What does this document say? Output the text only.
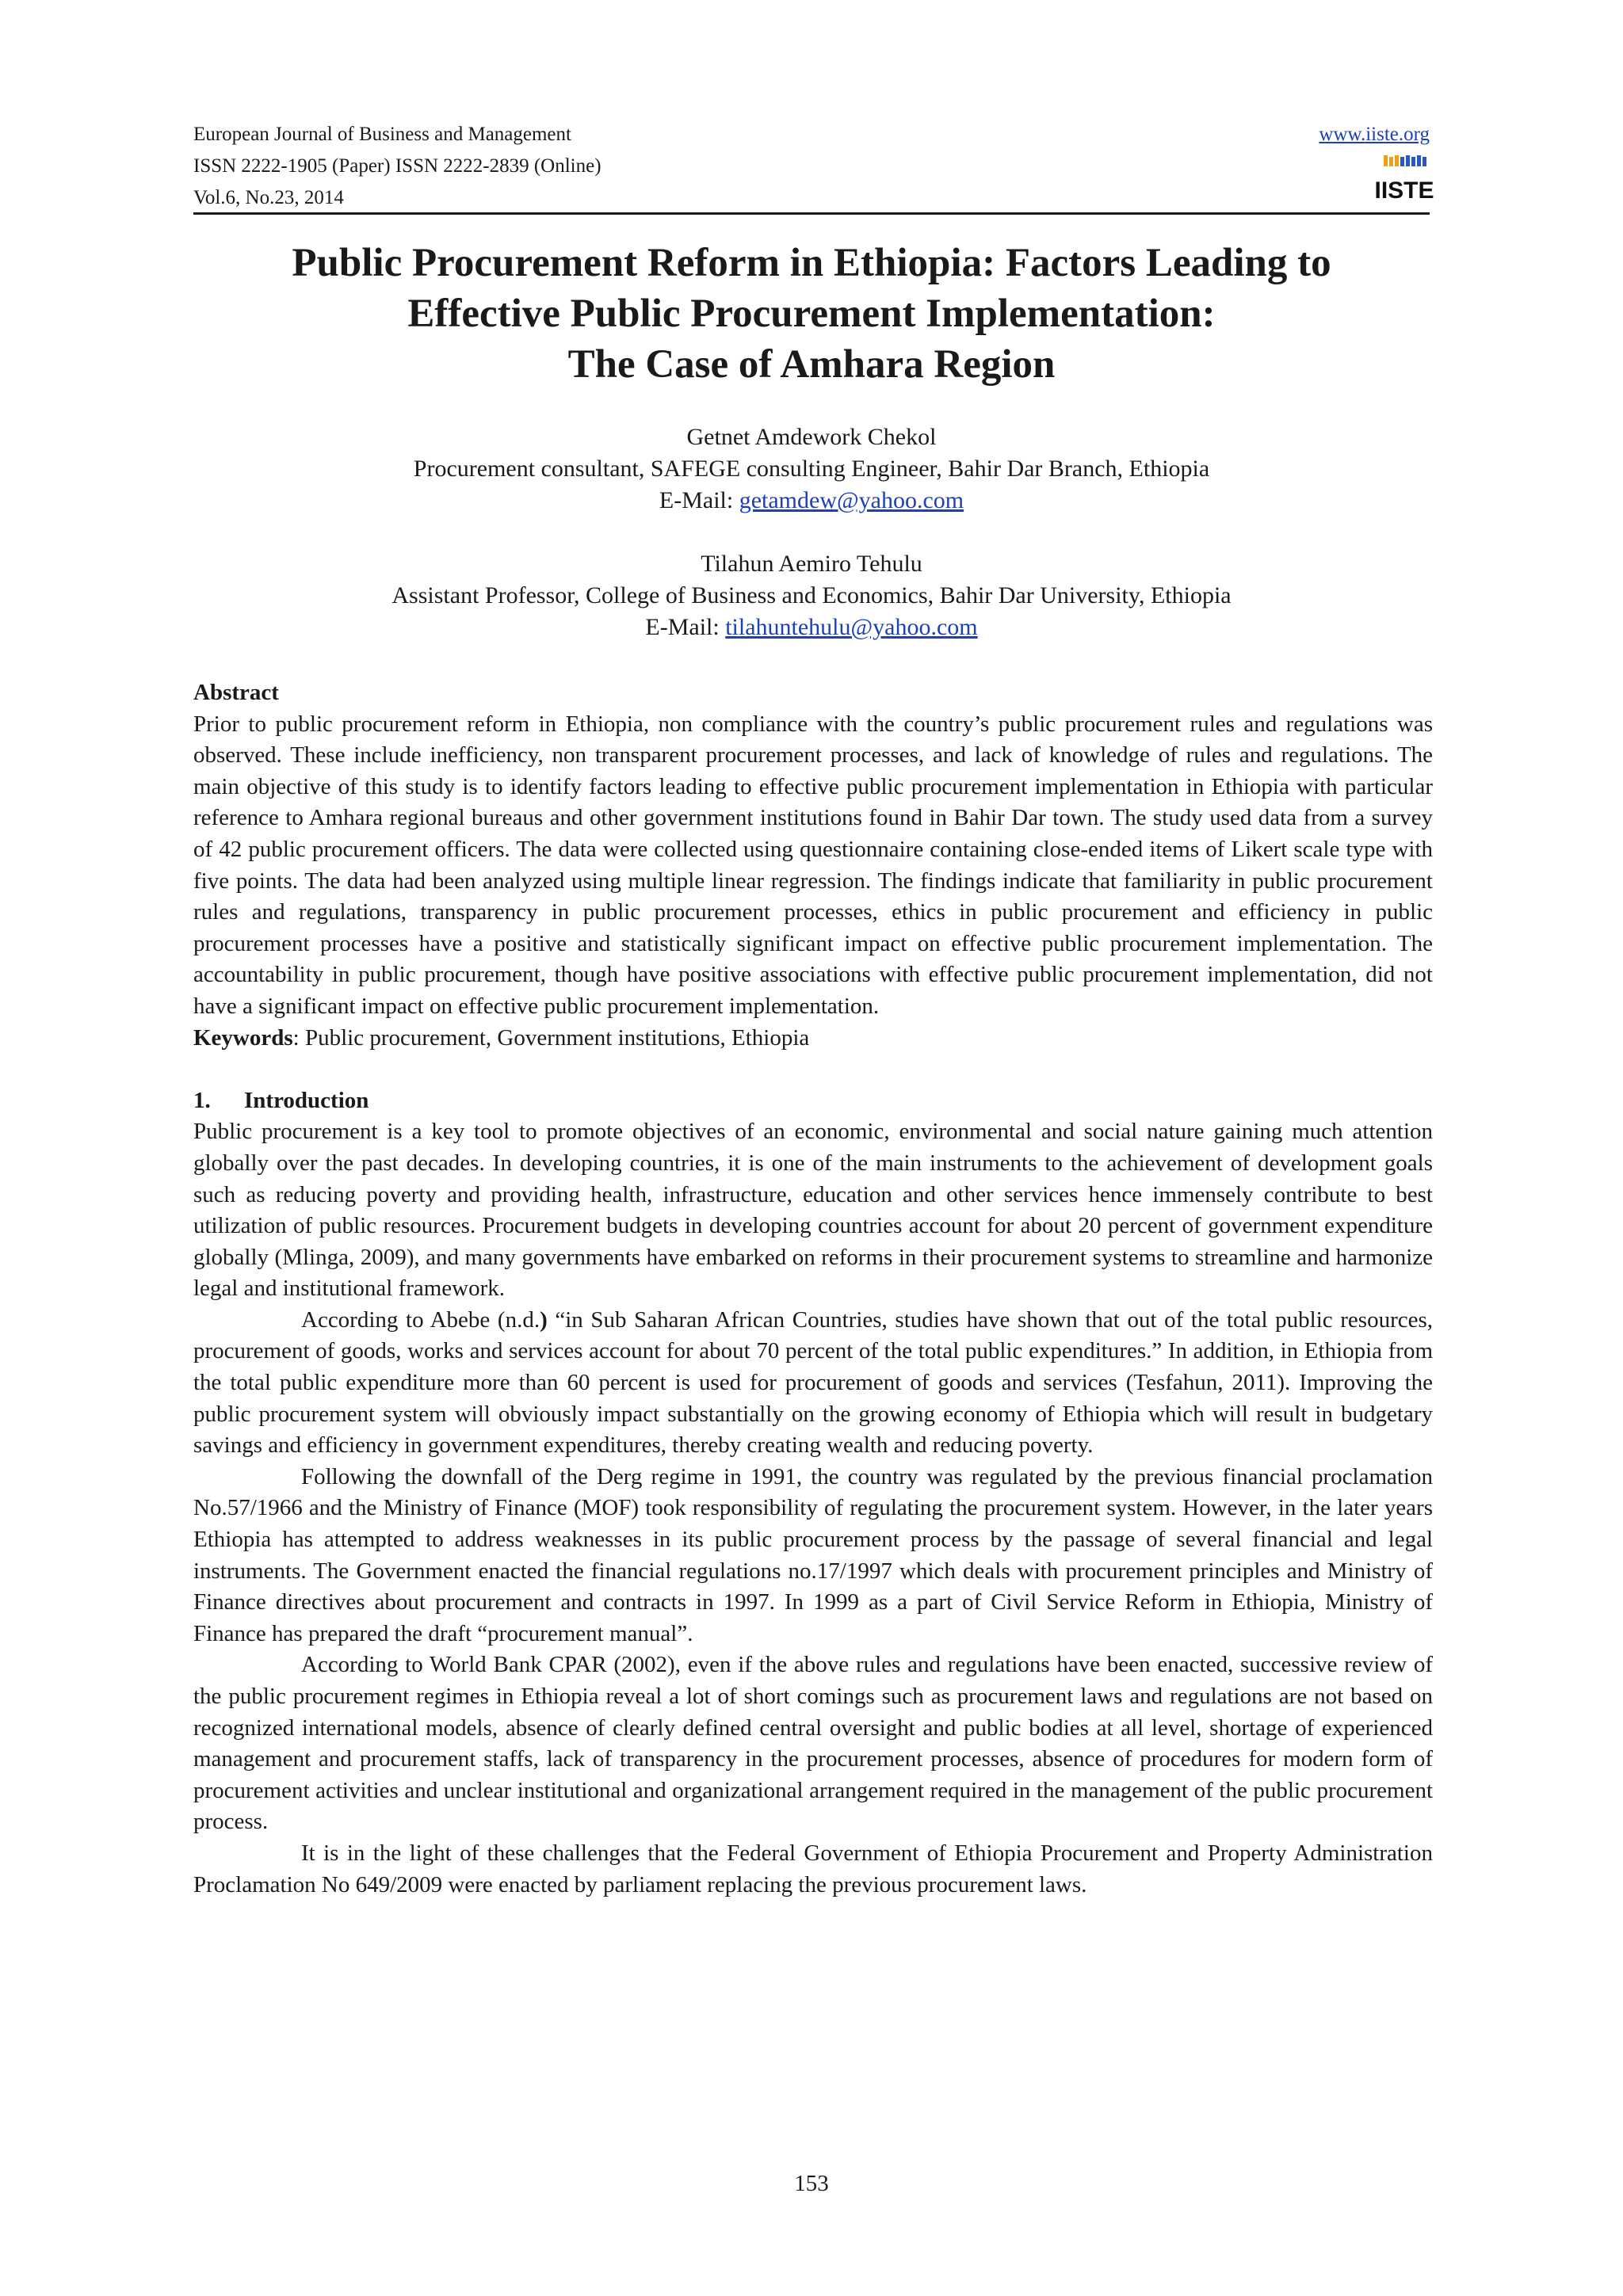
European Journal of Business and Management
ISSN 2222-1905 (Paper) ISSN 2222-2839 (Online)
Vol.6, No.23, 2014
www.iiste.org
IISTE
Public Procurement Reform in Ethiopia: Factors Leading to
Effective Public Procurement Implementation:
The Case of Amhara Region
Getnet Amdework Chekol
Procurement consultant, SAFEGE consulting Engineer, Bahir Dar Branch, Ethiopia
E-Mail: getamdew@yahoo.com
Tilahun Aemiro Tehulu
Assistant Professor, College of Business and Economics, Bahir Dar University, Ethiopia
E-Mail: tilahuntehulu@yahoo.com

Abstract

Prior to public procurement reform in Ethiopia, non compliance with the country’s public procurement rules and regulations was observed. These include inefficiency, non transparent procurement processes, and lack of knowledge of rules and regulations. The main objective of this study is to identify factors leading to effective public procurement implementation in Ethiopia with particular reference to Amhara regional bureaus and other government institutions found in Bahir Dar town. The study used data from a survey of 42 public procurement officers. The data were collected using questionnaire containing close-ended items of Likert scale type with five points. The data had been analyzed using multiple linear regression. The findings indicate that familiarity in public procurement rules and regulations, transparency in public procurement processes, ethics in public procurement and efficiency in public procurement processes have a positive and statistically significant impact on effective public procurement implementation. The accountability in public procurement, though have positive associations with effective public procurement implementation, did not have a significant impact on effective public procurement implementation.

Keywords: Public procurement, Government institutions, Ethiopia

1. Introduction

Public procurement is a key tool to promote objectives of an economic, environmental and social nature gaining much attention globally over the past decades. In developing countries, it is one of the main instruments to the achievement of development goals such as reducing poverty and providing health, infrastructure, education and other services hence immensely contribute to best utilization of public resources. Procurement budgets in developing countries account for about 20 percent of government expenditure globally (Mlinga, 2009), and many governments have embarked on reforms in their procurement systems to streamline and harmonize legal and institutional framework.

According to Abebe (n.d.) “in Sub Saharan African Countries, studies have shown that out of the total public resources, procurement of goods, works and services account for about 70 percent of the total public expenditures.” In addition, in Ethiopia from the total public expenditure more than 60 percent is used for procurement of goods and services (Tesfahun, 2011). Improving the public procurement system will obviously impact substantially on the growing economy of Ethiopia which will result in budgetary savings and efficiency in government expenditures, thereby creating wealth and reducing poverty.

Following the downfall of the Derg regime in 1991, the country was regulated by the previous financial proclamation No.57/1966 and the Ministry of Finance (MOF) took responsibility of regulating the procurement system. However, in the later years Ethiopia has attempted to address weaknesses in its public procurement process by the passage of several financial and legal instruments. The Government enacted the financial regulations no.17/1997 which deals with procurement principles and Ministry of Finance directives about procurement and contracts in 1997. In 1999 as a part of Civil Service Reform in Ethiopia, Ministry of Finance has prepared the draft “procurement manual”.

According to World Bank CPAR (2002), even if the above rules and regulations have been enacted, successive review of the public procurement regimes in Ethiopia reveal a lot of short comings such as procurement laws and regulations are not based on recognized international models, absence of clearly defined central oversight and public bodies at all level, shortage of experienced management and procurement staffs, lack of transparency in the procurement processes, absence of procedures for modern form of procurement activities and unclear institutional and organizational arrangement required in the management of the public procurement process.

It is in the light of these challenges that the Federal Government of Ethiopia Procurement and Property Administration Proclamation No 649/2009 were enacted by parliament replacing the previous procurement laws.

153
